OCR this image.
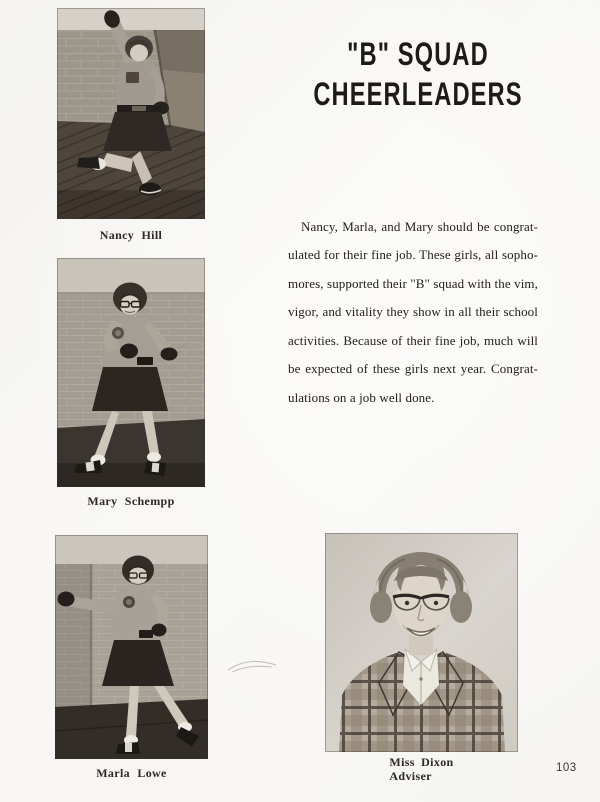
"B" SQUAD
CHEERLEADERS
Nancy Hill
Mary Schempp
Marla Lowe
Miss Dixon
Adviser
Nancy, Marla, and Mary should be congrat-
ulated for their fine job. These girls, all sopho-
mores, supported their "B" squad with the vim,
vigor, and vitality they show in all their school
activities. Because of their fine job, much will
be expected of these girls next year. Congrat-
ulations on a job well done.
103
